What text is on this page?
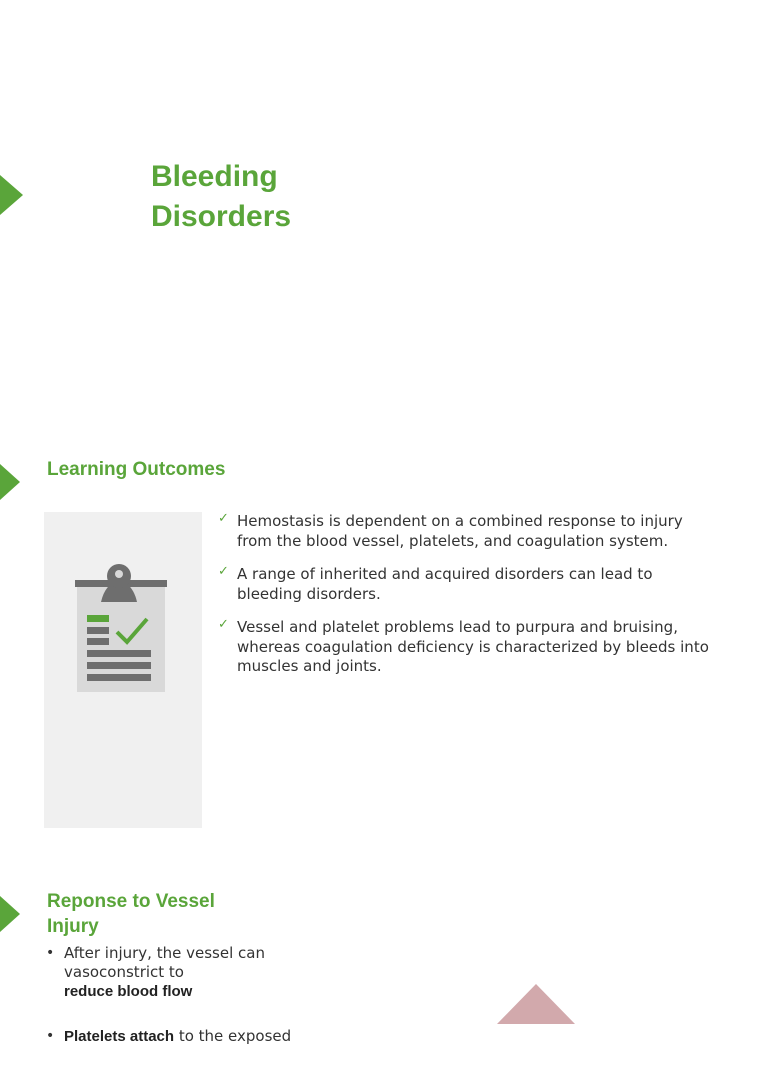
Bleeding
Disorders
Learning Outcomes
✓ Hemostasis is dependent on a combined response to injury from the blood vessel, platelets, and coagulation system.
✓ A range of inherited and acquired disorders can lead to bleeding disorders.
✓ Vessel and platelet problems lead to purpura and bruising, whereas coagulation deficiency is characterized by bleeds into muscles and joints.
Reponse to Vessel
Injury
• After injury, the vessel can
vasoconstrict to
reduce blood flow
• Platelets attach to the exposed
